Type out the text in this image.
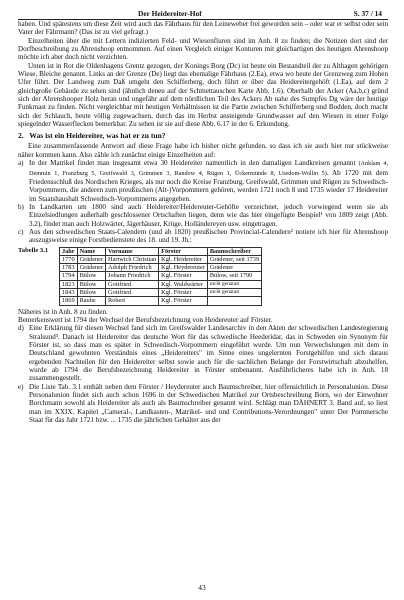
Der Heidereiter-Hof	S. 37 / 14

haben. Und spätestens um diese Zeit wird auch das Fährhaus für den Leineweber frei geworden sein – oder war er selbst oder sein Vater der Fährmann? (Das ist zu viel gefragt.)

Einzelheiten über die mit Lettern indizierten Feld- und Wiesenfluren sind im Anh. 8 zu finden; die Notizen dort sind der Dorfbeschreibung zu Ahrenshoop entnommen. Auf einen Vergleich einiger Konturen mit gleichartigen des heutigen Ahrenshoop möchte ich aber doch nicht verzichten.

Unten ist in Rot die Oldenhagens Grentz gezogen, der Konings Borg (Dc) ist heute ein Bestandteil der zu Althagen gehörigen Wiese, Bleiche genannt. Links an der Grenze (De) liegt das ehemalige Fährhaus (2.Ea), etwa wo heute der Grenzweg zum Hohen Ufer führt. Der Landweg zum Daß umgeht den Schifferberg, doch führt er über das Heidereitergehöft (1.Ea), auf dem 2 gleichgroße Gebäude zu sehen sind (ähnlich denen auf der Schmettauschen Karte Abb. 1.6). Oberhalb der Acker (Aa,b,c) gründ sich der Ahrenshooper Holz heran und ungefähr auf dem nördlichen Teil des Ackers Ab nahe des Sumpfes Dg wäre der heutige Funkmast zu finden. Nicht vergleichbar mit heutigen Verhältnissen ist die Partie zwischen Schifferberg und Bodden, doch macht sich der Schlauch, heute völlig zugewachsen, durch das im Herbst ansteigende Grundwasser auf den Wiesen in einer Folge spiegelnder Wasserflecken bemerkbar. Zu sehen ist sie auf diese Abb. 6.17 in der 6. Erkundung.

2. Was ist ein Heidereiter, was hat er zu tun?

Eine zusammenfassende Antwort auf diese Frage habe ich bisher nicht gefunden, so dass ich sie auch hier nur stückweise näher kommen kann. Also zähle ich zunächst einige Einzelheiten auf:

a) In der Matrikel findet man insgesamt etwa 30 Heidereiter namentlich in den damaligen Landkreisen genannt (Anklam 4, Demmin 1, Franzburg 5, Greifswald 3, Grimmen 3, Randow 4, Rügen 1, Ückermünde 8, Usedom-Wollin 5). Ab 1720 mit dem Friedensschluß des Nordischen Krieges, als nur noch die Kreise Franzburg, Greifswald, Grimmen und Rügen zu Schwedisch-Vorpommern, die anderen zum preußischen (Alt-)Vorpommern gehören, werden 1721 noch 8 und 1735 wieder 17 Heidereiter im Staatshaushalt Schwedisch-Vorpommerns angegeben.

b) In Landkarten um 1800 sind auch Heidereiter/Heidereuter-Gehöfte verzeichnet, jedoch vorwiegend wenn sie als Einzelsiedlungen außerhalb geschlossener Ortschaften liegen, denn wie das hier eingefügte Beispiel¹ von 1809 zeigt (Abb. 3.2), findet man auch Holzwärter, Jägerhäuser, Krüge, Holländereyen usw. eingetragen.

c) Aus den schwedischen Staats-Calendern (und ab 1820) preußischen Provincial-Calendern² notiere ich hier für Ahrenshoop auszugsweise einige Forstbedienstete des 18. und 19. Jh.:

Tabelle 3.1	Jahr	Name	Vorname	Förster	Baumschreiber
1770	Grädener	Hartwich Christian	Kgl. Heidereiter	Grädener, seit 1739
1783	Grädener	Adolph Friedrich	Kgl. Heydereuter	Grädener
1794	Bülow	Johann Friedrich	Kgl. Förster	Bülow, seit 1790
1823	Bülow	Gottfried	Kgl. Waldwärter	nicht genannt
1843	Bülow	Gottfried	Kgl. Förster	nicht genannt
1869	Rauhe	Robert	Kgl. Förster	

Näheres ist in Anh. 8 zu finden.

Bemerkenswert ist 1794 der Wechsel der Berufsbezeichnung von Heidereuter auf Förster.

d) Eine Erklärung für diesen Wechsel fand sich im Greifswalder Landesarchiv in den Akten der schwedischen Landesregierung Stralsund³. Danach ist Heidereiter das deutsche Wort für das schwedische Heederidar, das in Schweden ein Synonym für Förster ist, so dass man es später in Schwedisch-Vorpommern eingeführt wurde. Um nun Verwechslungen mit dem in Deutschland gewohnten Verständnis eines „Heidereiters" im Sinne eines ungelernten Forstgehilfen und sich daraus ergebenden Nachteilen für den Heidereiter selbst sowie auch für die sachlichen Belange der Forstwirtschaft abzuhelfen, wurde ab 1794 die Berufsbezeichnung Heidereiter in Förster umbenannt. Ausführlicheres habe ich in Anh. 18 zusammengestellt.

e) Die Liste Tab. 3.1 enthält neben dem Förster / Heydereuter auch Baumschreiber, hier offensichtlich in Personalunion. Diese Personalunion findet sich auch schon 1696 in der Schwedischen Matrikel zur Ortsbeschreibung Born, wo der Einwohner Borchmann sowohl als Heidereiter als auch als Baumschreiber genannt wird. Schlägt man DÄHNERT 3. Band auf, so liest man im XXIX. Kapitel „Cameral-, Landkasten-, Matrikel- und und Contributions-Verordnungen" unter Der Pommersche Staat für das Jahr 1721 bzw. ... 1735 die jährlichen Gehälter aus der

43
